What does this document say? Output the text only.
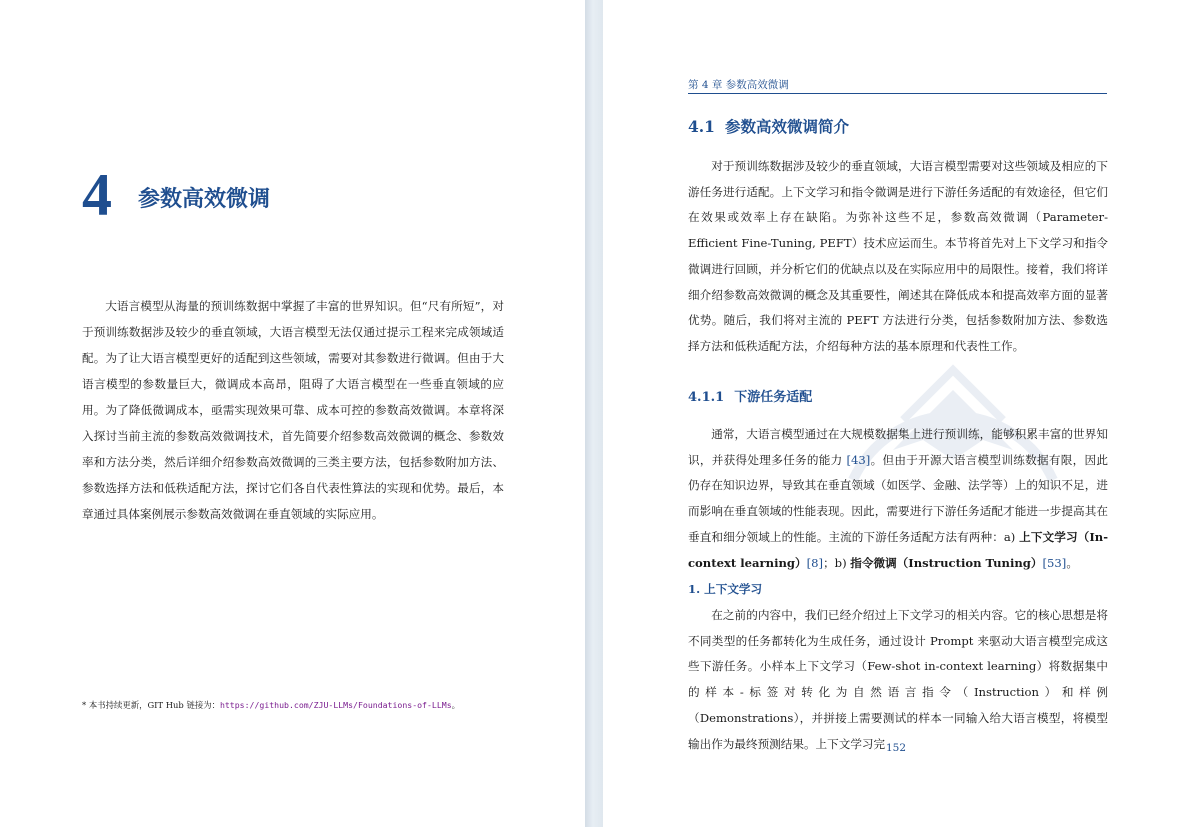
4 参数高效微调

大语言模型从海量的预训练数据中掌握了丰富的世界知识。但“尺有所短”，对于预训练数据涉及较少的垂直领域，大语言模型无法仅通过提示工程来完成领域适配。为了让大语言模型更好的适配到这些领域，需要对其参数进行微调。但由于大语言模型的参数量巨大，微调成本高昂，阻碍了大语言模型在一些垂直领域的应用。为了降低微调成本，亟需实现效果可靠、成本可控的参数高效微调。本章将深入探讨当前主流的参数高效微调技术，首先简要介绍参数高效微调的概念、参数效率和方法分类，然后详细介绍参数高效微调的三类主要方法，包括参数附加方法、参数选择方法和低秩适配方法，探讨它们各自代表性算法的实现和优势。最后，本章通过具体案例展示参数高效微调在垂直领域的实际应用。

* 本书持续更新，GIT Hub 链接为：https://github.com/ZJU-LLMs/Foundations-of-LLMs。
第 4 章 参数高效微调
4.1 参数高效微调简介

对于预训练数据涉及较少的垂直领域，大语言模型需要对这些领域及相应的下游任务进行适配。上下文学习和指令微调是进行下游任务适配的有效途径，但它们在效果或效率上存在缺陷。为弥补这些不足，参数高效微调（Parameter-Efficient Fine-Tuning, PEFT）技术应运而生。本节将首先对上下文学习和指令微调进行回顾，并分析它们的优缺点以及在实际应用中的局限性。接着，我们将详细介绍参数高效微调的概念及其重要性，阐述其在降低成本和提高效率方面的显著优势。随后，我们将对主流的 PEFT 方法进行分类，包括参数附加方法、参数选择方法和低秩适配方法，介绍每种方法的基本原理和代表性工作。

4.1.1 下游任务适配

通常，大语言模型通过在大规模数据集上进行预训练，能够积累丰富的世界知识，并获得处理多任务的能力 [43]。但由于开源大语言模型训练数据有限，因此仍存在知识边界，导致其在垂直领域（如医学、金融、法学等）上的知识不足，进而影响在垂直领域的性能表现。因此，需要进行下游任务适配才能进一步提高其在垂直和细分领域上的性能。主流的下游任务适配方法有两种：a) 上下文学习（In-context learning）[8]；b) 指令微调（Instruction Tuning）[53]。

1. 上下文学习

在之前的内容中，我们已经介绍过上下文学习的相关内容。它的核心思想是将不同类型的任务都转化为生成任务，通过设计 Prompt 来驱动大语言模型完成这些下游任务。小样本上下文学习（Few-shot in-context learning）将数据集中的样本-标签对转化为自然语言指令（Instruction）和样例（Demonstrations），并拼接上需要测试的样本一同输入给大语言模型，将模型输出作为最终预测结果。上下文学习完 152
